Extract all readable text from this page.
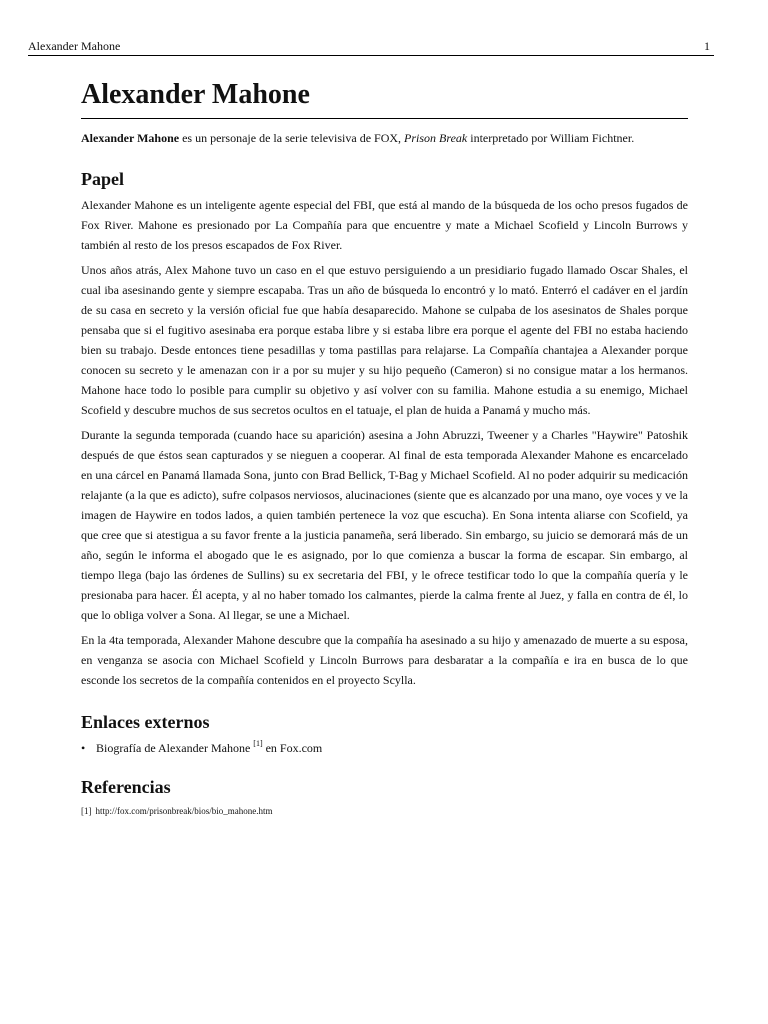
Alexander Mahone	1
Alexander Mahone

Alexander Mahone es un personaje de la serie televisiva de FOX, Prison Break interpretado por William Fichtner.

Papel

Alexander Mahone es un inteligente agente especial del FBI, que está al mando de la búsqueda de los ocho presos fugados de Fox River. Mahone es presionado por La Compañía para que encuentre y mate a Michael Scofield y Lincoln Burrows y también al resto de los presos escapados de Fox River.

Unos años atrás, Alex Mahone tuvo un caso en el que estuvo persiguiendo a un presidiario fugado llamado Oscar Shales, el cual iba asesinando gente y siempre escapaba. Tras un año de búsqueda lo encontró y lo mató. Enterró el cadáver en el jardín de su casa en secreto y la versión oficial fue que había desaparecido. Mahone se culpaba de los asesinatos de Shales porque pensaba que si el fugitivo asesinaba era porque estaba libre y si estaba libre era porque el agente del FBI no estaba haciendo bien su trabajo. Desde entonces tiene pesadillas y toma pastillas para relajarse. La Compañía chantajea a Alexander porque conocen su secreto y le amenazan con ir a por su mujer y su hijo pequeño (Cameron) si no consigue matar a los hermanos. Mahone hace todo lo posible para cumplir su objetivo y así volver con su familia. Mahone estudia a su enemigo, Michael Scofield y descubre muchos de sus secretos ocultos en el tatuaje, el plan de huida a Panamá y mucho más.

Durante la segunda temporada (cuando hace su aparición) asesina a John Abruzzi, Tweener y a Charles "Haywire" Patoshik después de que éstos sean capturados y se nieguen a cooperar. Al final de esta temporada Alexander Mahone es encarcelado en una cárcel en Panamá llamada Sona, junto con Brad Bellick, T-Bag y Michael Scofield. Al no poder adquirir su medicación relajante (a la que es adicto), sufre colpasos nerviosos, alucinaciones (siente que es alcanzado por una mano, oye voces y ve la imagen de Haywire en todos lados, a quien también pertenece la voz que escucha). En Sona intenta aliarse con Scofield, ya que cree que si atestigua a su favor frente a la justicia panameña, será liberado. Sin embargo, su juicio se demorará más de un año, según le informa el abogado que le es asignado, por lo que comienza a buscar la forma de escapar. Sin embargo, al tiempo llega (bajo las órdenes de Sullins) su ex secretaria del FBI, y le ofrece testificar todo lo que la compañía quería y le presionaba para hacer. Él acepta, y al no haber tomado los calmantes, pierde la calma frente al Juez, y falla en contra de él, lo que lo obliga volver a Sona. Al llegar, se une a Michael.

En la 4ta temporada, Alexander Mahone descubre que la compañía ha asesinado a su hijo y amenazado de muerte a su esposa, en venganza se asocia con Michael Scofield y Lincoln Burrows para desbaratar a la compañía e ira en busca de lo que esconde los secretos de la compañía contenidos en el proyecto Scylla.

Enlaces externos
• Biografía de Alexander Mahone [1] en Fox.com
Referencias
[1] http://fox.com/prisonbreak/bios/bio_mahone.htm
